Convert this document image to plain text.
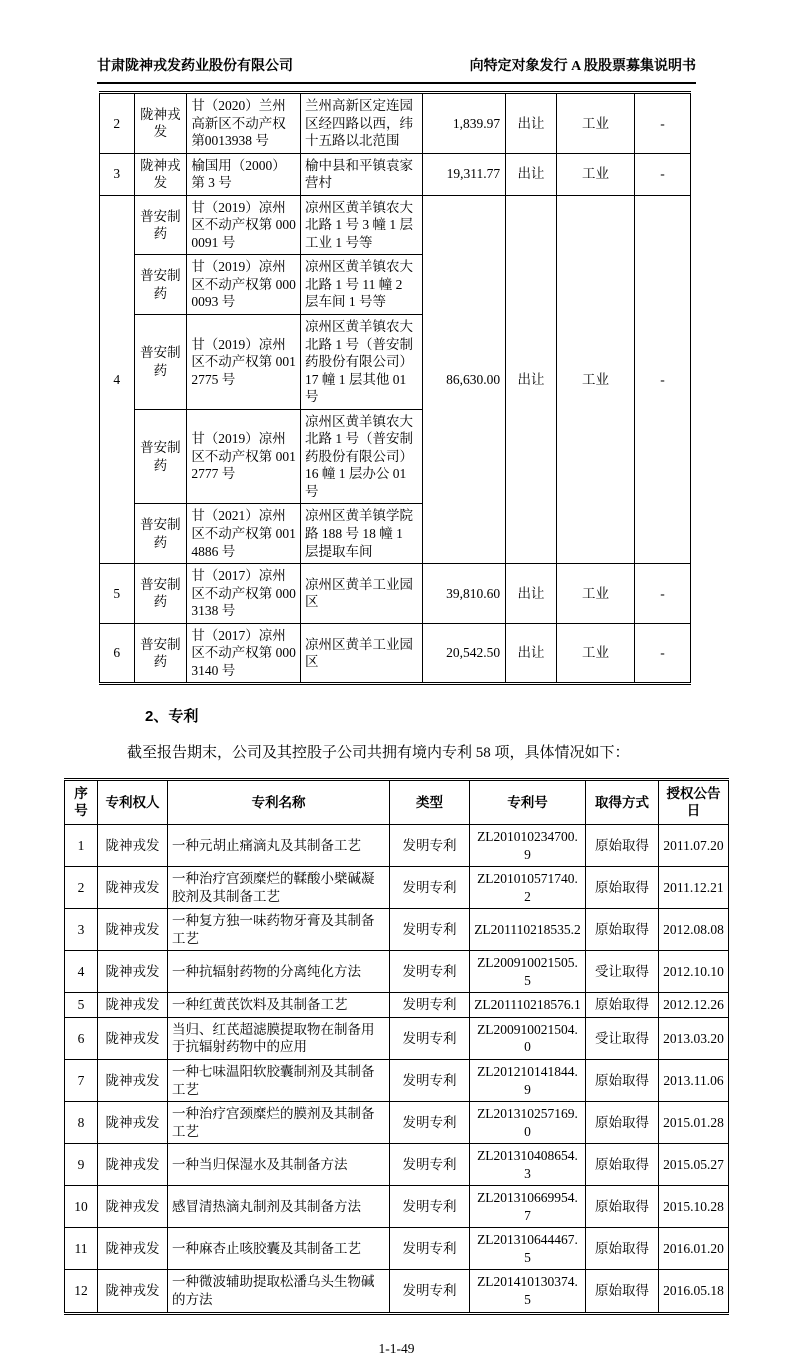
甘肃陇神戎发药业股份有限公司	向特定对象发行 A 股股票募集说明书
2	陇神戎发	甘（2020）兰州高新区不动产权第0013938 号	兰州高新区定连园区经四路以西，纬十五路以北范围	1,839.97	出让	工业	-
3	陇神戎发	榆国用（2000）第 3 号	榆中县和平镇袁家营村	19,311.77	出让	工业	-
4	普安制药	甘（2019）凉州区不动产权第 0000091 号	凉州区黄羊镇农大北路 1 号 3 幢 1 层工业 1 号等	86,630.00	出让	工业	-
	普安制药	甘（2019）凉州区不动产权第 0000093 号	凉州区黄羊镇农大北路 1 号 11 幢 2 层车间 1 号等				
	普安制药	甘（2019）凉州区不动产权第 0012775 号	凉州区黄羊镇农大北路 1 号（普安制药股份有限公司）17 幢 1 层其他 01 号				
	普安制药	甘（2019）凉州区不动产权第 0012777 号	凉州区黄羊镇农大北路 1 号（普安制药股份有限公司）16 幢 1 层办公 01 号				
	普安制药	甘（2021）凉州区不动产权第 0014886 号	凉州区黄羊镇学院路 188 号 18 幢 1 层提取车间				
5	普安制药	甘（2017）凉州区不动产权第 0003138 号	凉州区黄羊工业园区	39,810.60	出让	工业	-
6	普安制药	甘（2017）凉州区不动产权第 0003140 号	凉州区黄羊工业园区	20,542.50	出让	工业	-
2、专利

截至报告期末，公司及其控股子公司共拥有境内专利 58 项，具体情况如下：

序号	专利权人	专利名称	类型	专利号	取得方式	授权公告日
1	陇神戎发	一种元胡止痛滴丸及其制备工艺	发明专利	ZL201010234700.9	原始取得	2011.07.20
2	陇神戎发	一种治疗宫颈糜烂的鞣酸小檗碱凝胶剂及其制备工艺	发明专利	ZL201010571740.2	原始取得	2011.12.21
3	陇神戎发	一种复方独一味药物牙膏及其制备工艺	发明专利	ZL201110218535.2	原始取得	2012.08.08
4	陇神戎发	一种抗辐射药物的分离纯化方法	发明专利	ZL200910021505.5	受让取得	2012.10.10
5	陇神戎发	一种红黄芪饮料及其制备工艺	发明专利	ZL201110218576.1	原始取得	2012.12.26
6	陇神戎发	当归、红芪超滤膜提取物在制备用于抗辐射药物中的应用	发明专利	ZL200910021504.0	受让取得	2013.03.20
7	陇神戎发	一种七味温阳软胶囊制剂及其制备工艺	发明专利	ZL201210141844.9	原始取得	2013.11.06
8	陇神戎发	一种治疗宫颈糜烂的膜剂及其制备工艺	发明专利	ZL201310257169.0	原始取得	2015.01.28
9	陇神戎发	一种当归保湿水及其制备方法	发明专利	ZL201310408654.3	原始取得	2015.05.27
10	陇神戎发	感冒清热滴丸制剂及其制备方法	发明专利	ZL201310669954.7	原始取得	2015.10.28
11	陇神戎发	一种麻杏止咳胶囊及其制备工艺	发明专利	ZL201310644467.5	原始取得	2016.01.20
12	陇神戎发	一种微波辅助提取松潘乌头生物碱的方法	发明专利	ZL201410130374.5	原始取得	2016.05.18
1-1-49
